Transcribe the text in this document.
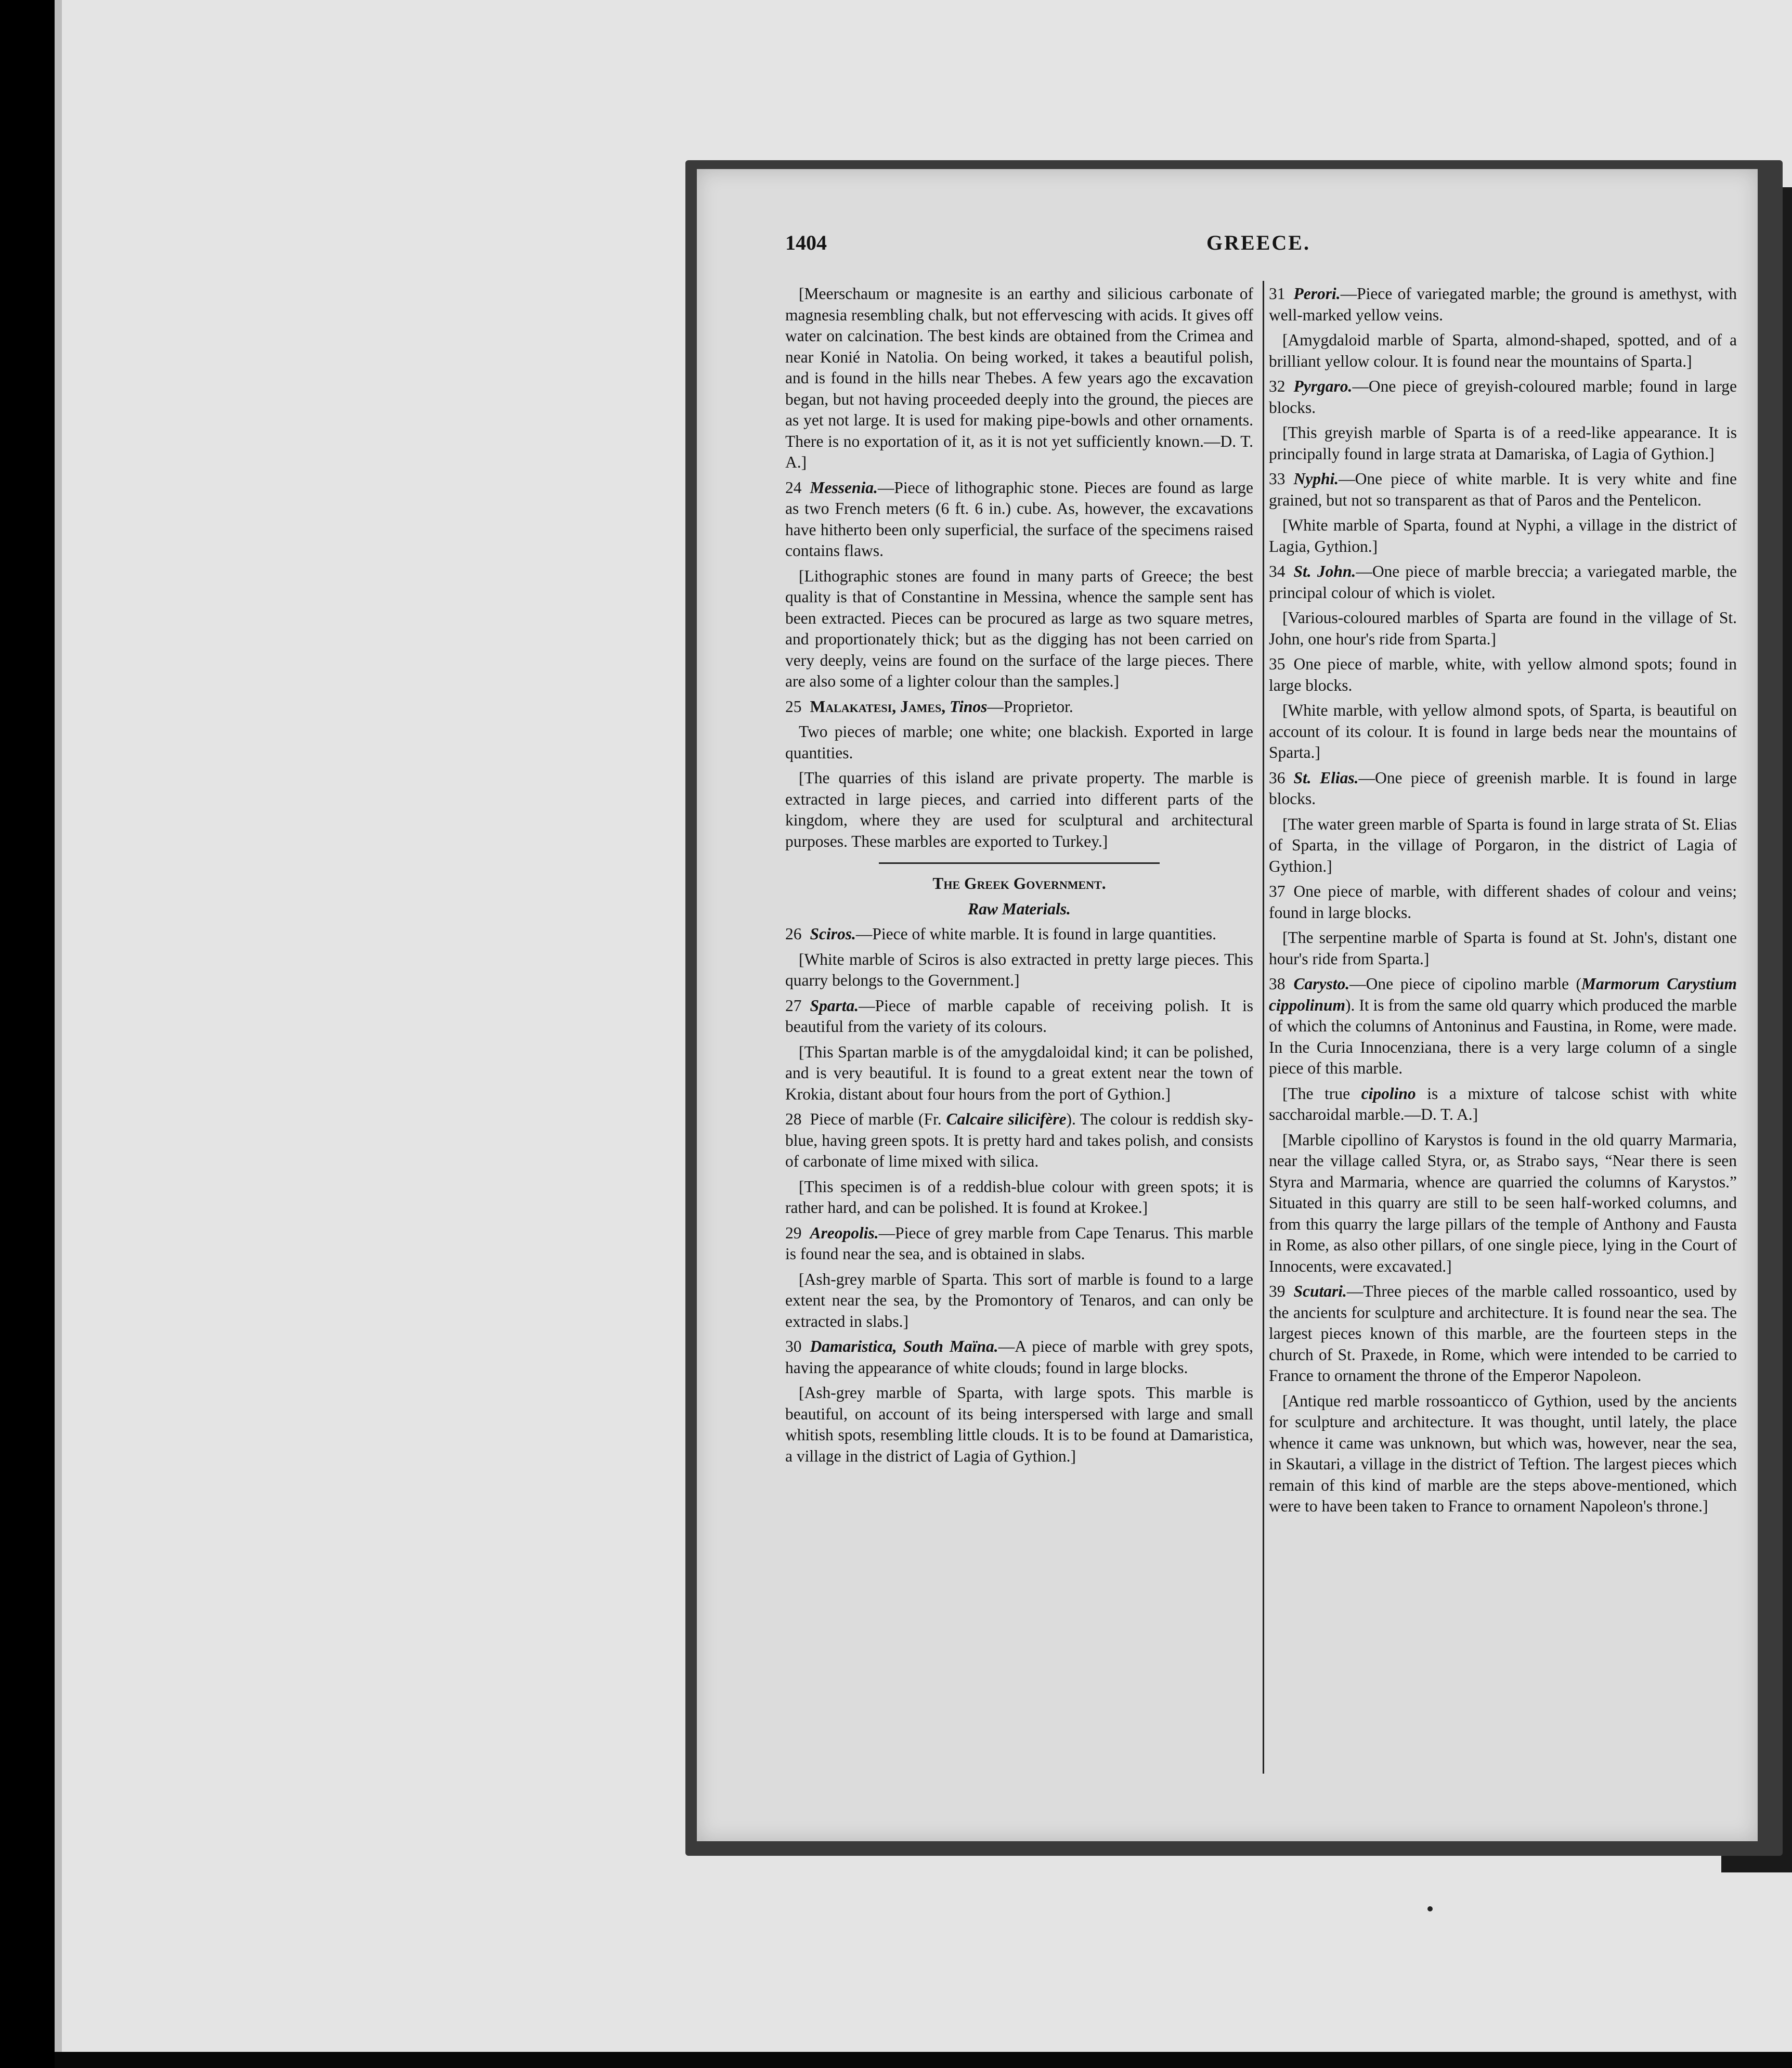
1404	GREECE.

[Meerschaum or magnesite is an earthy and silicious carbonate of magnesia resembling chalk, but not effervescing with acids. It gives off water on calcination. The best kinds are obtained from the Crimea and near Konié in Natolia. On being worked, it takes a beautiful polish, and is found in the hills near Thebes. A few years ago the excavation began, but not having proceeded deeply into the ground, the pieces are as yet not large. It is used for making pipe-bowls and other ornaments. There is no exportation of it, as it is not yet sufficiently known.—D. T. A.]

24 Messenia.—Piece of lithographic stone. Pieces are found as large as two French meters (6 ft. 6 in.) cube. As, however, the excavations have hitherto been only superficial, the surface of the specimens raised contains flaws.

[Lithographic stones are found in many parts of Greece; the best quality is that of Constantine in Messina, whence the sample sent has been extracted. Pieces can be procured as large as two square metres, and proportionately thick; but as the digging has not been carried on very deeply, veins are found on the surface of the large pieces. There are also some of a lighter colour than the samples.]

25 Malakatesi, James, Tinos—Proprietor.

Two pieces of marble; one white; one blackish. Exported in large quantities.

[The quarries of this island are private property. The marble is extracted in large pieces, and carried into different parts of the kingdom, where they are used for sculptural and architectural purposes. These marbles are exported to Turkey.]

The Greek Government.

Raw Materials.

26 Sciros.—Piece of white marble. It is found in large quantities.

[White marble of Sciros is also extracted in pretty large pieces. This quarry belongs to the Government.]

27 Sparta.—Piece of marble capable of receiving polish. It is beautiful from the variety of its colours.

[This Spartan marble is of the amygdaloidal kind; it can be polished, and is very beautiful. It is found to a great extent near the town of Krokia, distant about four hours from the port of Gythion.]

28 Piece of marble (Fr. Calcaire silicifère). The colour is reddish sky-blue, having green spots. It is pretty hard and takes polish, and consists of carbonate of lime mixed with silica.

[This specimen is of a reddish-blue colour with green spots; it is rather hard, and can be polished. It is found at Krokee.]

29 Areopolis.—Piece of grey marble from Cape Tenarus. This marble is found near the sea, and is obtained in slabs.

[Ash-grey marble of Sparta. This sort of marble is found to a large extent near the sea, by the Promontory of Tenaros, and can only be extracted in slabs.]

30 Damaristica, South Maïna.—A piece of marble with grey spots, having the appearance of white clouds; found in large blocks.

[Ash-grey marble of Sparta, with large spots. This marble is beautiful, on account of its being interspersed with large and small whitish spots, resembling little clouds. It is to be found at Damaristica, a village in the district of Lagia of Gythion.]

31 Perori.—Piece of variegated marble; the ground is amethyst, with well-marked yellow veins.

[Amygdaloid marble of Sparta, almond-shaped, spotted, and of a brilliant yellow colour. It is found near the mountains of Sparta.]

32 Pyrgaro.—One piece of greyish-coloured marble; found in large blocks.

[This greyish marble of Sparta is of a reed-like appearance. It is principally found in large strata at Damariska, of Lagia of Gythion.]

33 Nyphi.—One piece of white marble. It is very white and fine grained, but not so transparent as that of Paros and the Pentelicon.

[White marble of Sparta, found at Nyphi, a village in the district of Lagia, Gythion.]

34 St. John.—One piece of marble breccia; a variegated marble, the principal colour of which is violet.

[Various-coloured marbles of Sparta are found in the village of St. John, one hour's ride from Sparta.]

35 One piece of marble, white, with yellow almond spots; found in large blocks.

[White marble, with yellow almond spots, of Sparta, is beautiful on account of its colour. It is found in large beds near the mountains of Sparta.]

36 St. Elias.—One piece of greenish marble. It is found in large blocks.

[The water green marble of Sparta is found in large strata of St. Elias of Sparta, in the village of Porgaron, in the district of Lagia of Gythion.]

37 One piece of marble, with different shades of colour and veins; found in large blocks.

[The serpentine marble of Sparta is found at St. John's, distant one hour's ride from Sparta.]

38 Carysto.—One piece of cipolino marble (Marmorum Carystium cippolinum). It is from the same old quarry which produced the marble of which the columns of Antoninus and Faustina, in Rome, were made. In the Curia Innocenziana, there is a very large column of a single piece of this marble.

[The true cipolino is a mixture of talcose schist with white saccharoidal marble.—D. T. A.]

[Marble cipollino of Karystos is found in the old quarry Marmaria, near the village called Styra, or, as Strabo says, “Near there is seen Styra and Marmaria, whence are quarried the columns of Karystos.” Situated in this quarry are still to be seen half-worked columns, and from this quarry the large pillars of the temple of Anthony and Fausta in Rome, as also other pillars, of one single piece, lying in the Court of Innocents, were excavated.]

39 Scutari.—Three pieces of the marble called rossoantico, used by the ancients for sculpture and architecture. It is found near the sea. The largest pieces known of this marble, are the fourteen steps in the church of St. Praxede, in Rome, which were intended to be carried to France to ornament the throne of the Emperor Napoleon.

[Antique red marble rossoanticco of Gythion, used by the ancients for sculpture and architecture. It was thought, until lately, the place whence it came was unknown, but which was, however, near the sea, in Skautari, a village in the district of Teftion. The largest pieces which remain of this kind of marble are the steps above-mentioned, which were to have been taken to France to ornament Napoleon's throne.]
